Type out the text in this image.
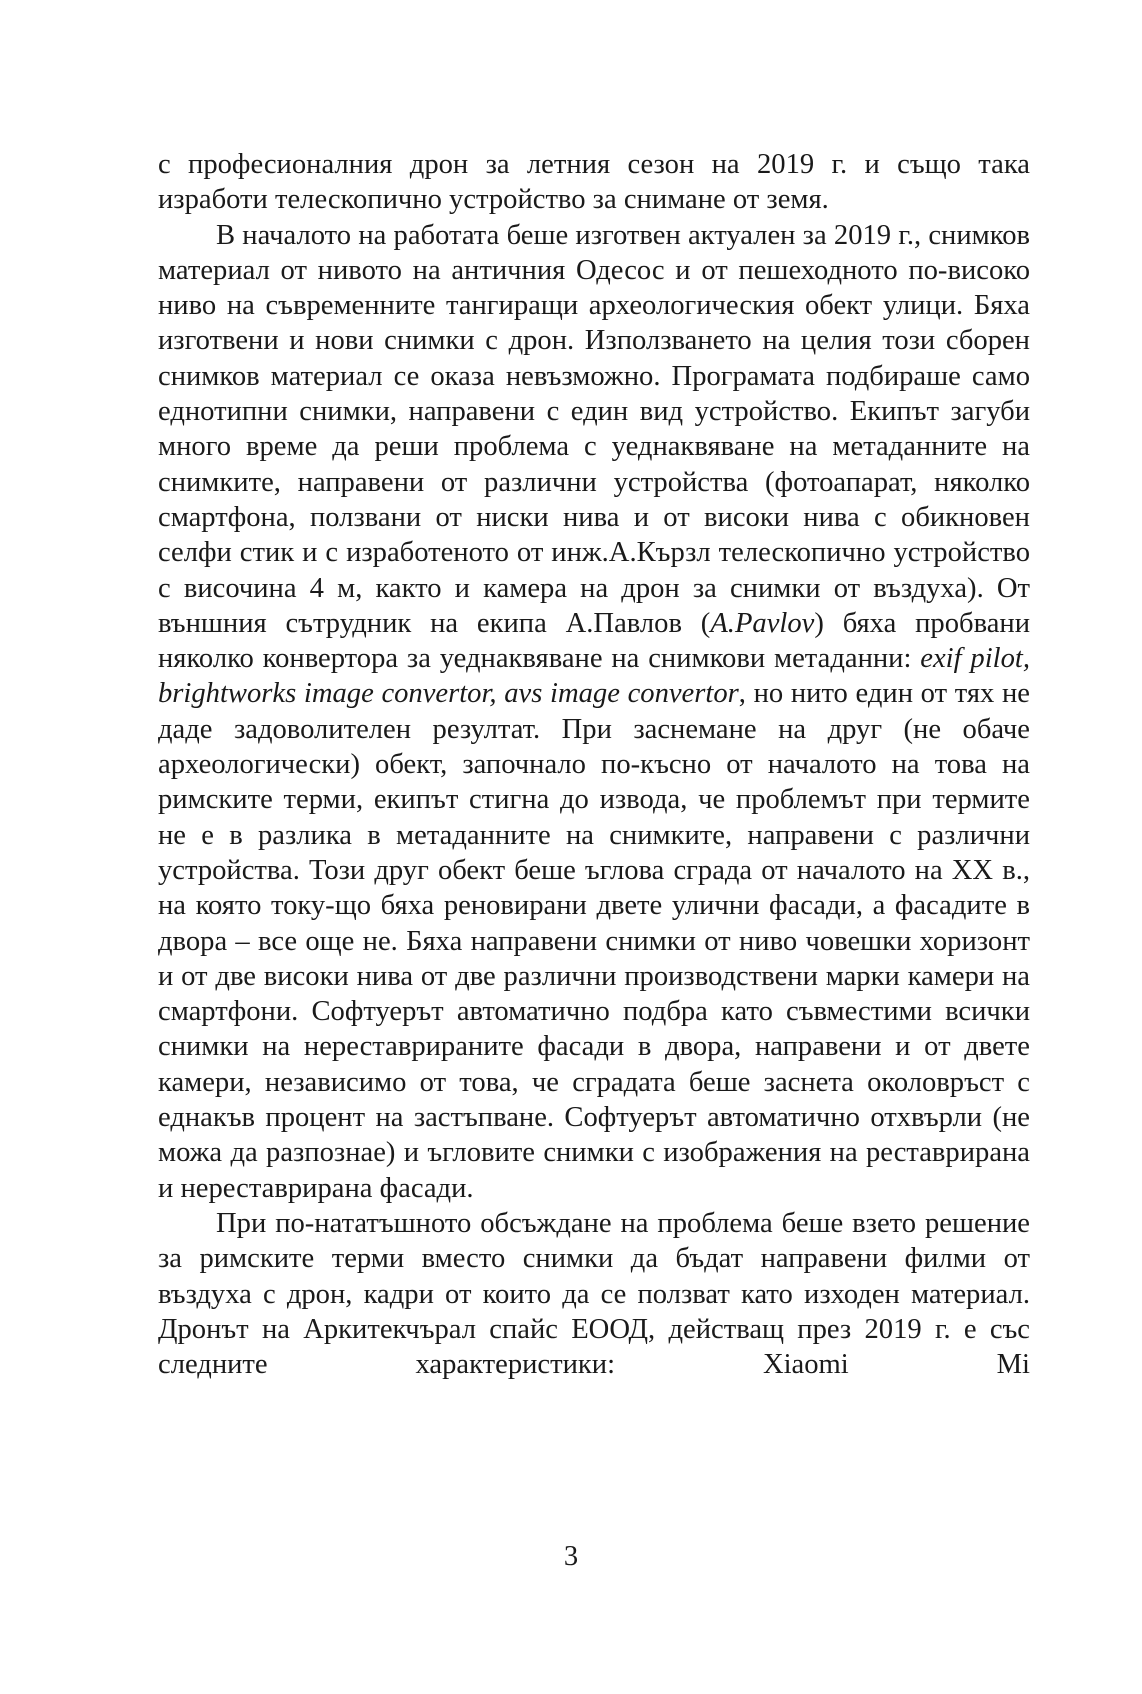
с професионалния дрон за летния сезон на 2019 г. и също така изработи телескопично устройство за снимане от земя.

В началото на работата беше изготвен актуален за 2019 г., снимков материал от нивото на античния Одесос и от пешеходното по-високо ниво на съвременните тангиращи археологическия обект улици. Бяха изготвени и нови снимки с дрон. Използването на целия този сборен снимков материал се оказа невъзможно. Програмата подбираше само еднотипни снимки, направени с един вид устройство. Екипът загуби много време да реши проблема с уеднаквяване на метаданните на снимките, направени от различни устройства (фотоапарат, няколко смартфона, ползвани от ниски нива и от високи нива с обикновен селфи стик и с изработеното от инж.А.Кързл телескопично устройство с височина 4 м, както и камера на дрон за снимки от въздуха). От външния сътрудник на екипа А.Павлов (A.Pavlov) бяха пробвани няколко конвертора за уеднаквяване на снимкови метаданни: exif pilot, brightworks image convertor, avs image convertor, но нито един от тях не даде задоволителен резултат. При заснемане на друг (не обаче археологически) обект, започнало по-късно от началото на това на римските терми, екипът стигна до извода, че проблемът при термите не е в разлика в метаданните на снимките, направени с различни устройства. Този друг обект беше ъглова сграда от началото на XX в., на която току-що бяха реновирани двете улични фасади, а фасадите в двора – все още не. Бяха направени снимки от ниво човешки хоризонт и от две високи нива от две различни производствени марки камери на смартфони. Софтуерът автоматично подбра като съвместими всички снимки на нереставрираните фасади в двора, направени и от двете камери, независимо от това, че сградата беше заснета околовръст с еднакъв процент на застъпване. Софтуерът автоматично отхвърли (не можа да разпознае) и ъгловите снимки с изображения на реставрирана и нереставрирана фасади.

При по-нататъшното обсъждане на проблема беше взето решение за римските терми вместо снимки да бъдат направени филми от въздуха с дрон, кадри от които да се ползват като изходен материал. Дронът на Аркитекчърал спайс ЕООД, действащ през 2019 г. е със следните характеристики: Xiaomi Mi

3
